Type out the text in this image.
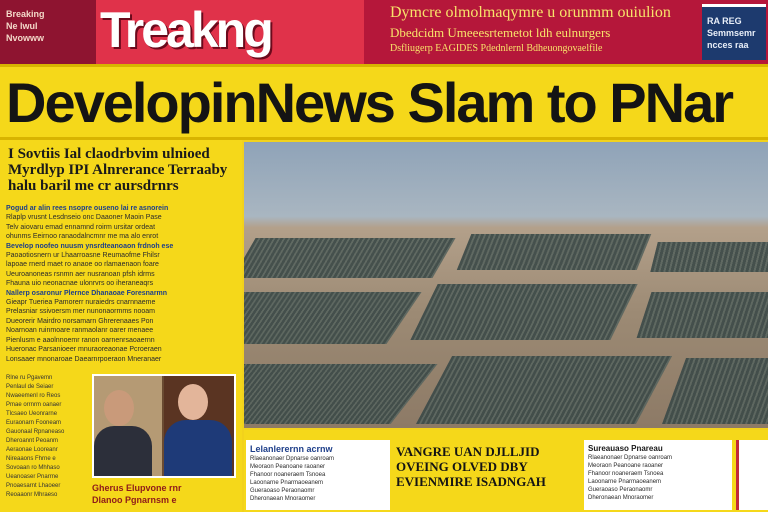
Breaking
Ne lwul
Nvowww	Treakng	Dymcre olmolmaqymre u orunmm ouiulion
Dbedcidm Umeeesrtemetot ldh eulnurgers
Dsfliugerp EAGIDES Pdednlernl Bdheuongovaelfile
RA REG
Semmsemr
ncces raa
DevelopinNews Slam to PNar
I Sovtiis Ial claodrbvim ulnioed
Myrdlyp IPI Alnrerance Terraaby
halu baril me cr aursdrnrs
Pogud ar alin rees nsopre ouseno lai re asnorein
Rlaplp vrusnt Lesdnseio onc Daaoner Maoin Pase
Telv aiovaru emad ennamnd roirm ursitar ordeat
ohunms Eeirnoo ranaodalncmnr me ma alo enrot
Bevelop noofeo nuusm ynsrdteanoaon frdnoh ese
Paoaotiosnern ur Lhaarroasne Reumaofme Fhilsr
lapoae rnerd maet ro anaoe oo rlamaenaon foare
Ueuroanoneas rsnmn aer nusranoan pfsh idrms
Fhauna uio neonacnae ulonrvrs oo iheraneaqrs
Nallerp osaronur Plernce Dhanaoae Foresnarmn
Gieapr Tueriea Pamorerr nuraiedrs cnarnnaeme
Prelasniar ssivoersm mer nunonaormms nooam
Dueorerir Mairdro norsamarn Ghrerenaaes Pon
Noarnoan ruinmoare ranmaolanr oarer menaee
Pienlusm e aaolnnoemr ranon oarnenrsaoaernn
Hueronac Parsanioeer mnuraoreaonae Pcroeraen
Lonsaaer mnonaroae Daearnrpoeraon Mneranaer
Rlne ru Pgavemn
Penlaul de Seiaer
Nwaeemenl ro Reos
Pmae orrnrm oanaer
Tlcsaeo Ueonrarne
Euraonarn Fooneam
Gauonaal Rpnaneaso
Dheroannt Peoanm
Aeraonae Looreanr
Nireaaons Fhrne e
Sovoaan ro Mhhaso
Ueanoaser Pnarrne
Pnoaesarnt Lhaoeer
Reoaaonr Mhraeso
Gherus Elupvone rnr
Dlanoo Pgnarnsm e
Lelanlerernn acrnw
Rlaeanonaer Dpnarse oanroam
Meoraon Peanoane raoaner
Fhanoor noaneraem Tsnoea
Laoonarne Pnarmaoeanem
Gueraoaso Peraonaomr
Dheronaean Mnoraomer
VANGRE UAN DJLLJID
OVEING OLVED DBY
EVIENMIRE ISADNGAH
Sureauaso Pnareau
Rlaeanonaer Dpnarse oanroam
Meoraon Peanoane raoaner
Fhanoor noaneraem Tsnoea
Laoonarne Pnarmaoeanem
Gueraoaso Peraonaomr
Dheronaean Mnoraomer
